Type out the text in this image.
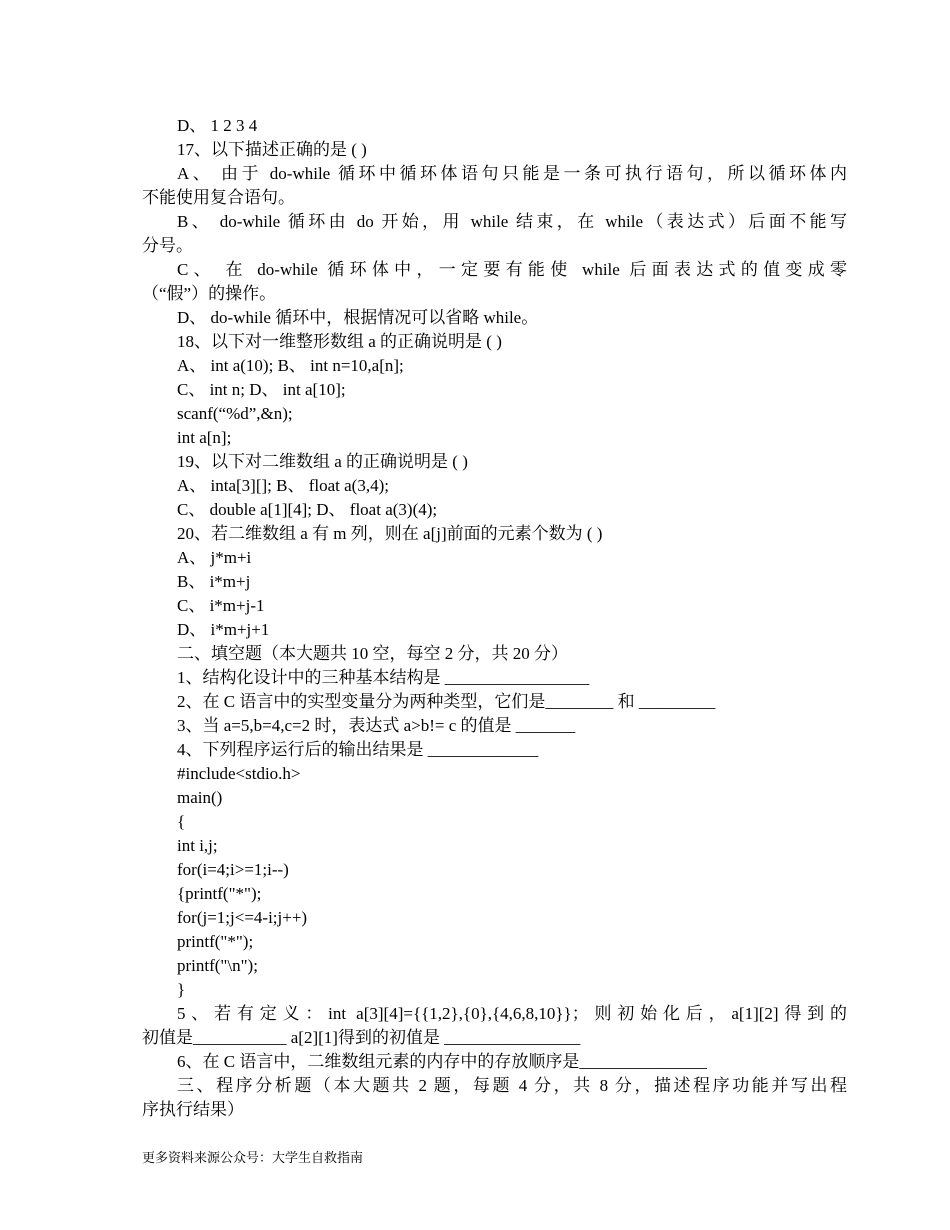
D、 1 2 3 4

17、以下描述正确的是 ( )

A、 由于 do-while 循环中循环体语句只能是一条可执行语句，所以循环体内

不能使用复合语句。

B、 do-while 循环由 do 开始，用 while 结束，在 while（表达式）后面不能写

分号。

C、 在 do-while 循环体中，一定要有能使 while 后面表达式的值变成零

（“假”）的操作。

D、 do-while 循环中，根据情况可以省略 while。

18、以下对一维整形数组 a 的正确说明是 ( )

A、 int a(10); B、 int n=10,a[n];

C、 int n; D、 int a[10];

scanf(“%d”,&n);

int a[n];

19、以下对二维数组 a 的正确说明是 ( )

A、 inta[3][]; B、 float a(3,4);

C、 double a[1][4]; D、 float a(3)(4);

20、若二维数组 a 有 m 列，则在 a[j]前面的元素个数为 ( )

A、 j*m+i

B、 i*m+j

C、 i*m+j-1

D、 i*m+j+1

二、填空题（本大题共 10 空，每空 2 分，共 20 分）

1、结构化设计中的三种基本结构是 _________________

2、在 C 语言中的实型变量分为两种类型，它们是________ 和 _________

3、当 a=5,b=4,c=2 时，表达式 a>b!= c 的值是 _______

4、下列程序运行后的输出结果是 _____________

#include<stdio.h>

main()

{

int i,j;

for(i=4;i>=1;i--)

{printf("*");

for(j=1;j<=4-i;j++)

printf("*");

printf("\n");

}

5、若有定义：int a[3][4]={{1,2},{0},{4,6,8,10}}；则初始化后，a[1][2]得到的

初值是___________ a[2][1]得到的初值是 ________________

6、在 C 语言中，二维数组元素的内存中的存放顺序是_______________

三、程序分析题（本大题共 2 题，每题 4 分，共 8 分，描述程序功能并写出程

序执行结果）

更多资料来源公众号：大学生自救指南
